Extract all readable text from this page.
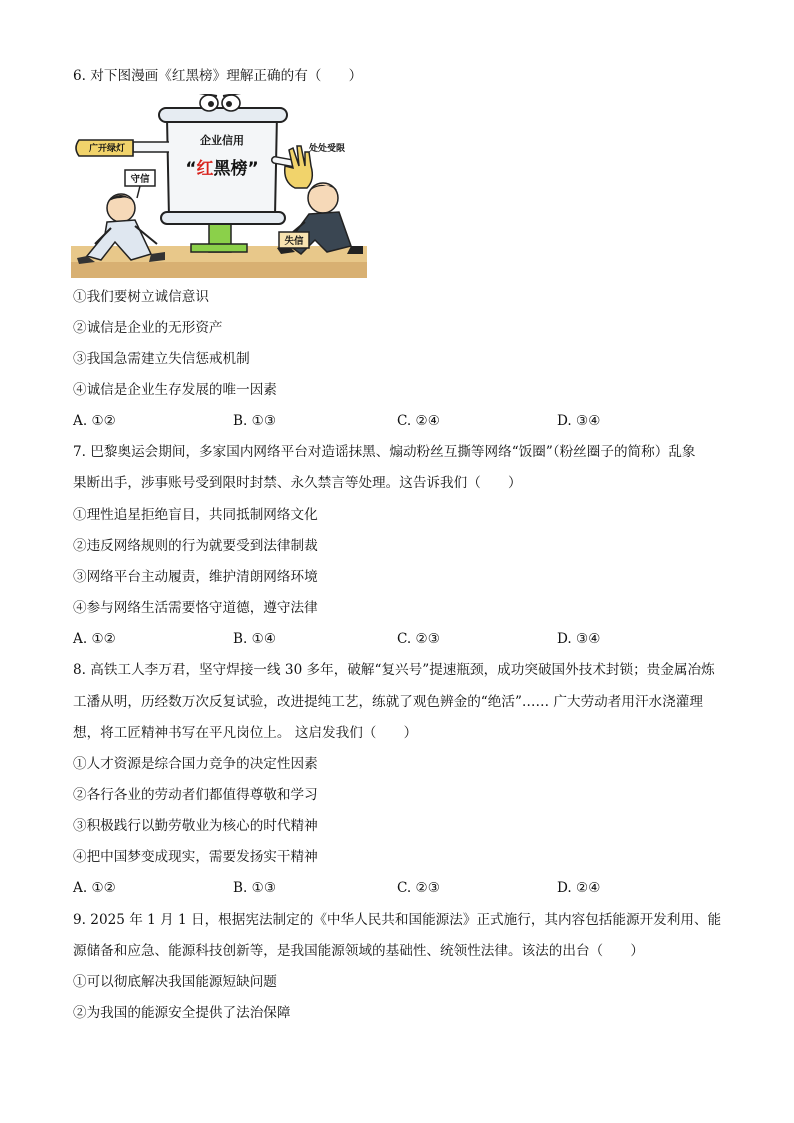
6. 对下图漫画《红黑榜》理解正确的有（　　）
企业信用
“红黑榜”
广开绿灯	处处受限
守信
失信
①我们要树立诚信意识
②诚信是企业的无形资产
③我国急需建立失信惩戒机制
④诚信是企业生存发展的唯一因素
A. ①②	B. ①③	C. ②④	D. ③④
7. 巴黎奥运会期间，多家国内网络平台对造谣抹黑、煽动粉丝互撕等网络“饭圈”（粉丝圈子的简称）乱象
果断出手，涉事账号受到限时封禁、永久禁言等处理。这告诉我们（　　）
①理性追星拒绝盲目，共同抵制网络文化
②违反网络规则的行为就要受到法律制裁
③网络平台主动履责，维护清朗网络环境
④参与网络生活需要恪守道德，遵守法律
A. ①②	B. ①④	C. ②③	D. ③④
8. 高铁工人李万君，坚守焊接一线 30 多年，破解“复兴号”提速瓶颈，成功突破国外技术封锁；贵金属冶炼
工潘从明，历经数万次反复试验，改进提纯工艺，练就了观色辨金的“绝活”…… 广大劳动者用汗水浇灌理
想，将工匠精神书写在平凡岗位上。 这启发我们（　　）
①人才资源是综合国力竞争的决定性因素
②各行各业的劳动者们都值得尊敬和学习
③积极践行以勤劳敬业为核心的时代精神
④把中国梦变成现实，需要发扬实干精神
A. ①②	B. ①③	C. ②③	D. ②④
9. 2025 年 1 月 1 日，根据宪法制定的《中华人民共和国能源法》正式施行，其内容包括能源开发利用、能
源储备和应急、能源科技创新等，是我国能源领域的基础性、统领性法律。该法的出台（　　）
①可以彻底解决我国能源短缺问题
②为我国的能源安全提供了法治保障
